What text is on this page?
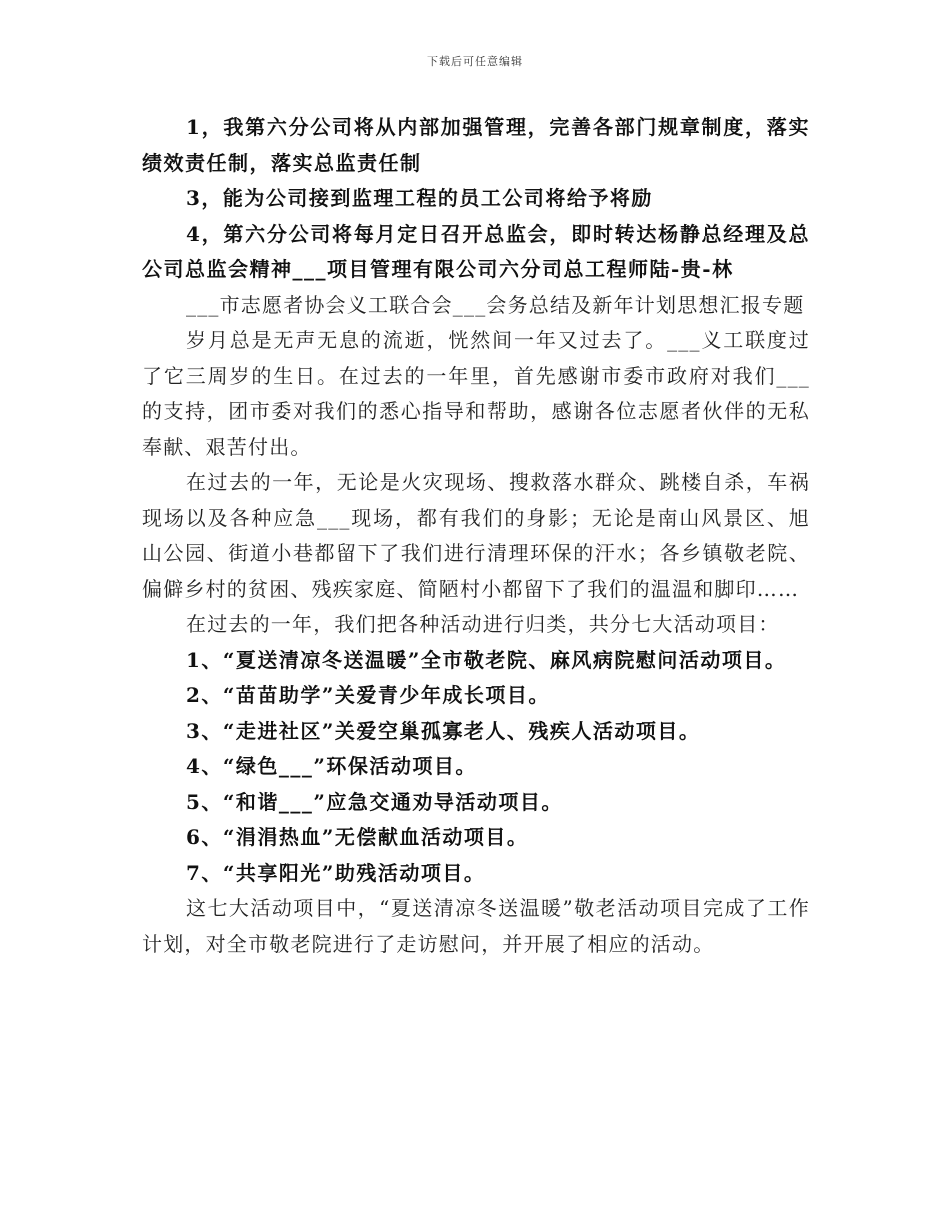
下载后可任意编辑

1，我第六分公司将从内部加强管理，完善各部门规章制度，落实绩效责任制，落实总监责任制

3，能为公司接到监理工程的员工公司将给予将励

4，第六分公司将每月定日召开总监会，即时转达杨静总经理及总公司总监会精神___项目管理有限公司六分司总工程师陆-贵-林

___市志愿者协会义工联合会___会务总结及新年计划思想汇报专题

岁月总是无声无息的流逝，恍然间一年又过去了。___义工联度过了它三周岁的生日。在过去的一年里，首先感谢市委市政府对我们___的支持，团市委对我们的悉心指导和帮助，感谢各位志愿者伙伴的无私奉献、艰苦付出。

在过去的一年，无论是火灾现场、搜救落水群众、跳楼自杀，车祸现场以及各种应急___现场，都有我们的身影；无论是南山风景区、旭山公园、街道小巷都留下了我们进行清理环保的汗水；各乡镇敬老院、偏僻乡村的贫困、残疾家庭、简陋村小都留下了我们的温温和脚印……

在过去的一年，我们把各种活动进行归类，共分七大活动项目：

1、“夏送清凉冬送温暖”全市敬老院、麻风病院慰问活动项目。

2、“苗苗助学”关爱青少年成长项目。

3、“走进社区”关爱空巢孤寡老人、残疾人活动项目。

4、“绿色___”环保活动项目。

5、“和谐___”应急交通劝导活动项目。

6、“涓涓热血”无偿献血活动项目。

7、“共享阳光”助残活动项目。

这七大活动项目中，“夏送清凉冬送温暖”敬老活动项目完成了工作计划，对全市敬老院进行了走访慰问，并开展了相应的活动。
